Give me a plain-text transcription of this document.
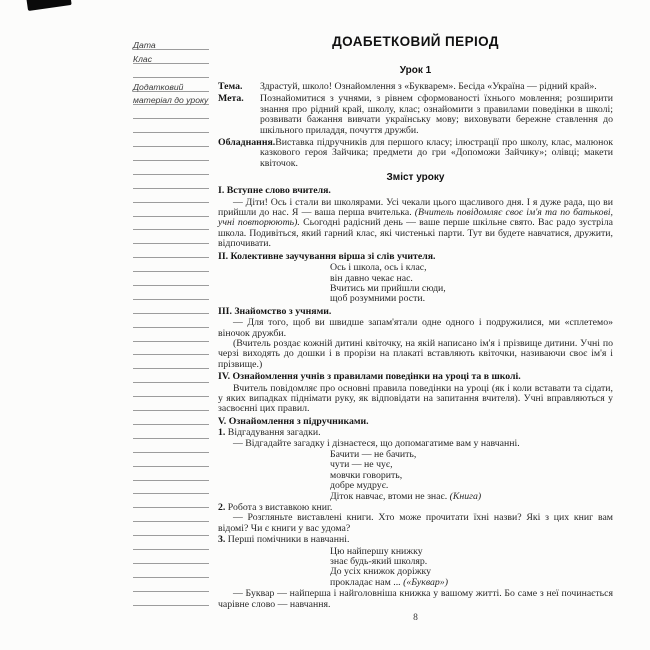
Дата
Клас
Додатковий
матеріал до уроку
ДОАБЕТКОВИЙ ПЕРІОД
Урок 1

Тема. Здрастуй, школо! Ознайомлення з «Букварем». Бесіда «Україна — рідний край».

Мета. Познайомитися з учнями, з рівнем сформованості їхнього мовлення; розширити знання про рідний край, школу, клас; ознайомити з правилами поведінки в школі; розвивати бажання вивчати українську мову; виховувати бережне ставлення до шкільного приладдя, почуття дружби.

Обладнання.Виставка підручників для першого класу; ілюстрації про школу, клас, малюнок казкового героя Зайчика; предмети до гри «Допоможи Зайчику»; олівці; макети квіточок.

Зміст уроку

I. Вступне слово вчителя.

— Діти! Ось і стали ви школярами. Усі чекали цього щасливого дня. І я дуже рада, що ви прийшли до нас. Я — ваша перша вчителька. (Вчитель повідомляє своє ім'я та по батькові, учні повторюють). Сьогодні радісний день — ваше перше шкільне свято. Вас радо зустріла школа. Подивіться, який гарний клас, які чистенькі парти. Тут ви будете навчатися, дружити, відпочивати.

II. Колективне заучування вірша зі слів учителя.

Ось і школа, ось і клас,
він давно чекає нас.
Вчитись ми прийшли сюди,
щоб розумними рости.

III. Знайомство з учнями.

— Для того, щоб ви швидше запам'ятали одне одного і подружилися, ми «сплетемо» віночок дружби.

(Вчитель роздає кожній дитині квіточку, на якій написано ім'я і прізвище дитини. Учні по черзі виходять до дошки і в прорізи на плакаті вставляють квіточки, називаючи своє ім'я і прізвище.)

IV. Ознайомлення учнів з правилами поведінки на уроці та в школі.

Вчитель повідомляє про основні правила поведінки на уроці (як і коли вставати та сідати, у яких випадках піднімати руку, як відповідати на запитання вчителя). Учні вправляються у засвоєнні цих правил.

V. Ознайомлення з підручниками.

1. Відгадування загадки.

— Відгадайте загадку і дізнаєтеся, що допомагатиме вам у навчанні.

Бачити — не бачить,
чути — не чує,
мовчки говорить,
добре мудрує.
Діток навчає, втоми не знає. (Книга)

2. Робота з виставкою книг.

— Розгляньте виставлені книги. Хто може прочитати їхні назви? Які з цих книг вам відомі? Чи є книги у вас удома?

3. Перші помічники в навчанні.

Цю найпершу книжку
знає будь-який школяр.
До усіх книжок доріжку
прокладає нам ... («Буквар»)

— Буквар — найперша і найголовніша книжка у вашому житті. Бо саме з неї починається чарівне слово — навчання.

8
